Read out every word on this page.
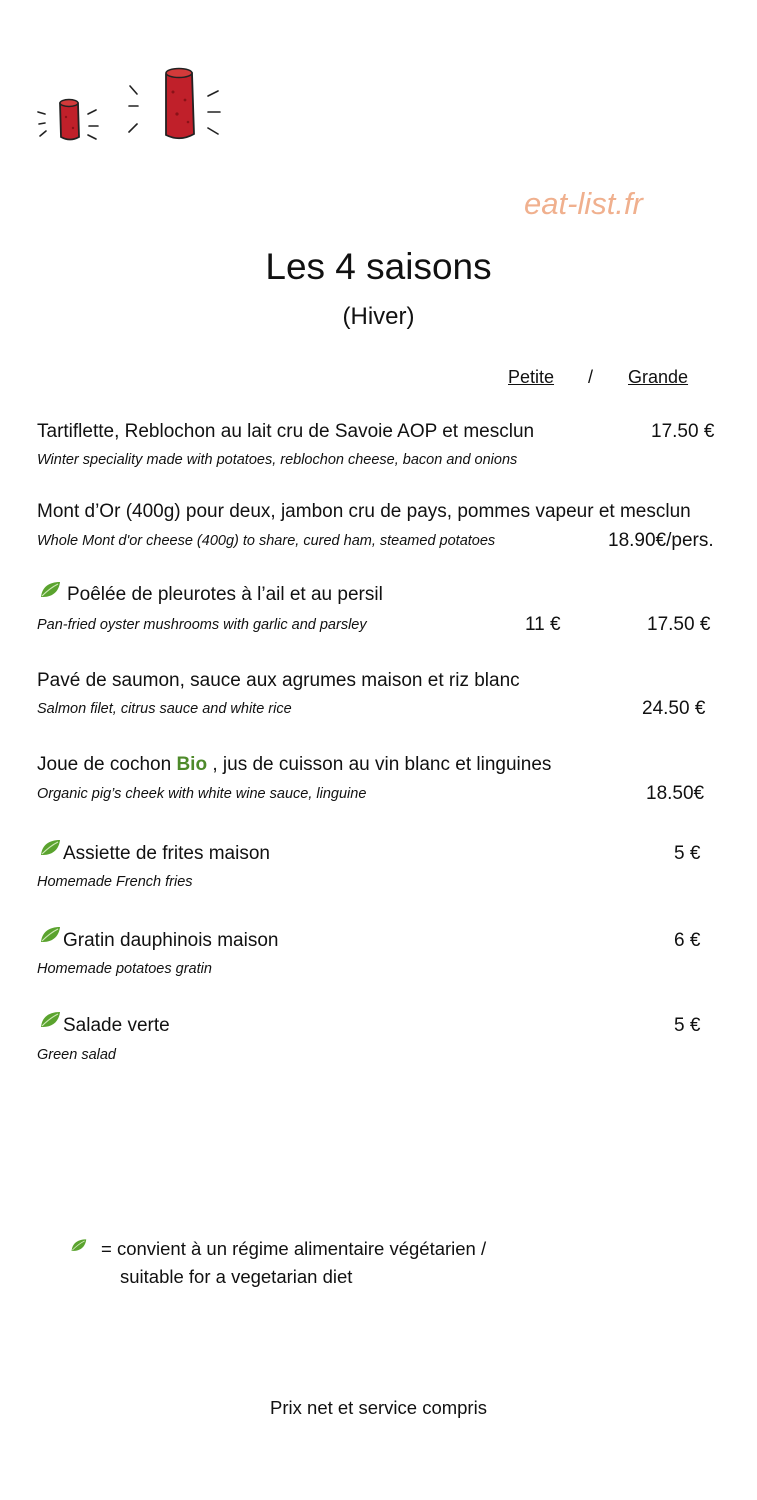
eat-list.fr
Les 4 saisons
(Hiver)
Petite / Grande
Tartiflette, Reblochon au lait cru de Savoie AOP et mesclun
Winter speciality made with potatoes, reblochon cheese, bacon and onions
17.50 €
Mont d’Or (400g) pour deux, jambon cru de pays, pommes vapeur et mesclun
Whole Mont d'or cheese (400g) to share, cured ham, steamed potatoes	18.90€/pers.
Poêlée de pleurotes à l’ail et au persil
Pan-fried oyster mushrooms with garlic and parsley	11 €	17.50 €
Pavé de saumon, sauce aux agrumes maison et riz blanc
Salmon filet, citrus sauce and white rice	24.50 €
Joue de cochon Bio , jus de cuisson au vin blanc et linguines
Organic pig’s cheek with white wine sauce, linguine	18.50€
Assiette de frites maison
Homemade French fries
5 €
Gratin dauphinois maison
Homemade potatoes gratin
6 €
Salade verte
Green salad
5 €
= convient à un régime alimentaire végétarien /
suitable for a vegetarian diet
Prix net et service compris
